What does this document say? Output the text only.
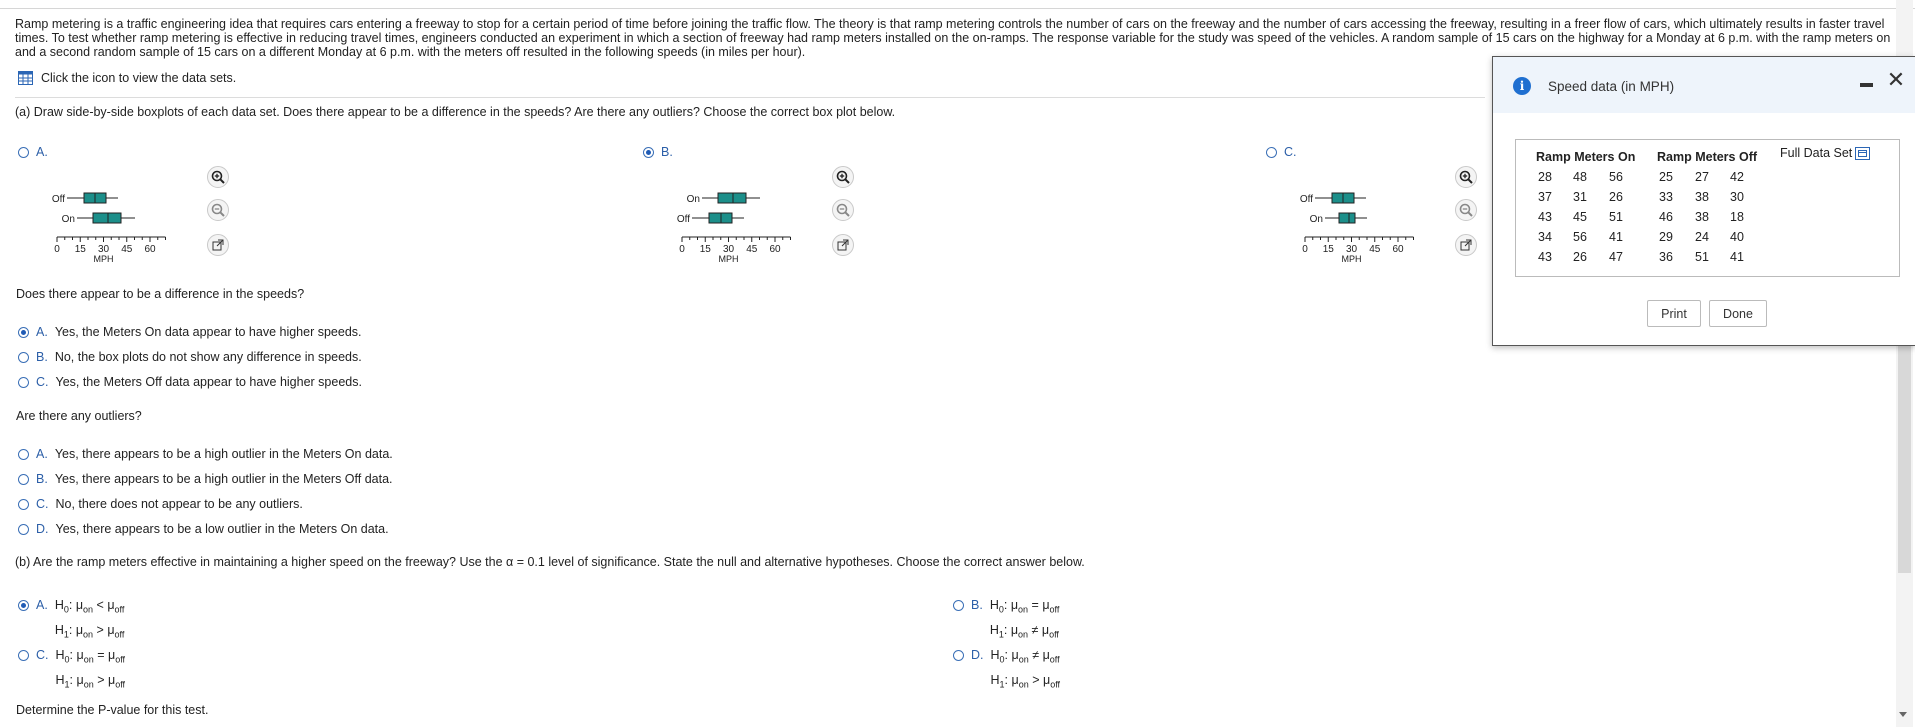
Ramp metering is a traffic engineering idea that requires cars entering a freeway to stop for a certain period of time before joining the traffic flow. The theory is that ramp metering controls the number of cars on the freeway and the number of cars accessing the freeway, resulting in a freer flow of cars, which ultimately results in faster travel times. To test whether ramp metering is effective in reducing travel times, engineers conducted an experiment in which a section of freeway had ramp meters installed on the on-ramps. The response variable for the study was speed of the vehicles. A random sample of 15 cars on the highway for a Monday at 6 p.m. with the ramp meters on and a second random sample of 15 cars on a different Monday at 6 p.m. with the meters off resulted in the following speeds (in miles per hour).
Click the icon to view the data sets.
(a) Draw side-by-side boxplots of each data set. Does there appear to be a difference in the speeds? Are there any outliers? Choose the correct box plot below.
A.
Off
On
0 15 30 45 60
MPH
B.
On
Off
0 15 30 45 60
MPH
C.
Off
On
0 15 30 45 60
MPH
Does there appear to be a difference in the speeds?
A. Yes, the Meters On data appear to have higher speeds.
B. No, the box plots do not show any difference in speeds.
C. Yes, the Meters Off data appear to have higher speeds.
Are there any outliers?
A. Yes, there appears to be a high outlier in the Meters On data.
B. Yes, there appears to be a high outlier in the Meters Off data.
C. No, there does not appear to be any outliers.
D. Yes, there appears to be a low outlier in the Meters On data.
(b) Are the ramp meters effective in maintaining a higher speed on the freeway? Use the α = 0.1 level of significance. State the null and alternative hypotheses. Choose the correct answer below.
A. $H_0$: $\mu_{on} < \mu_{off}$
$H_1$: $\mu_{on} > \mu_{off}$
B. $H_0$: $\mu_{on} = \mu_{off}$
$H_1$: $\mu_{on} \ne \mu_{off}$
C. $H_0$: $\mu_{on} = \mu_{off}$
$H_1$: $\mu_{on} > \mu_{off}$
D. $H_0$: $\mu_{on} \ne \mu_{off}$
$H_1$: $\mu_{on} > \mu_{off}$
Determine the P-value for this test.
i	Speed data (in MPH)	✕
Ramp Meters On Ramp Meters Off Full Data Set
28	48	56	25	27	42
37	31	26	33	38	30
43	45	51	46	38	18
34	56	41	29	24	40
43	26	47	36	51	41
Print	Done
